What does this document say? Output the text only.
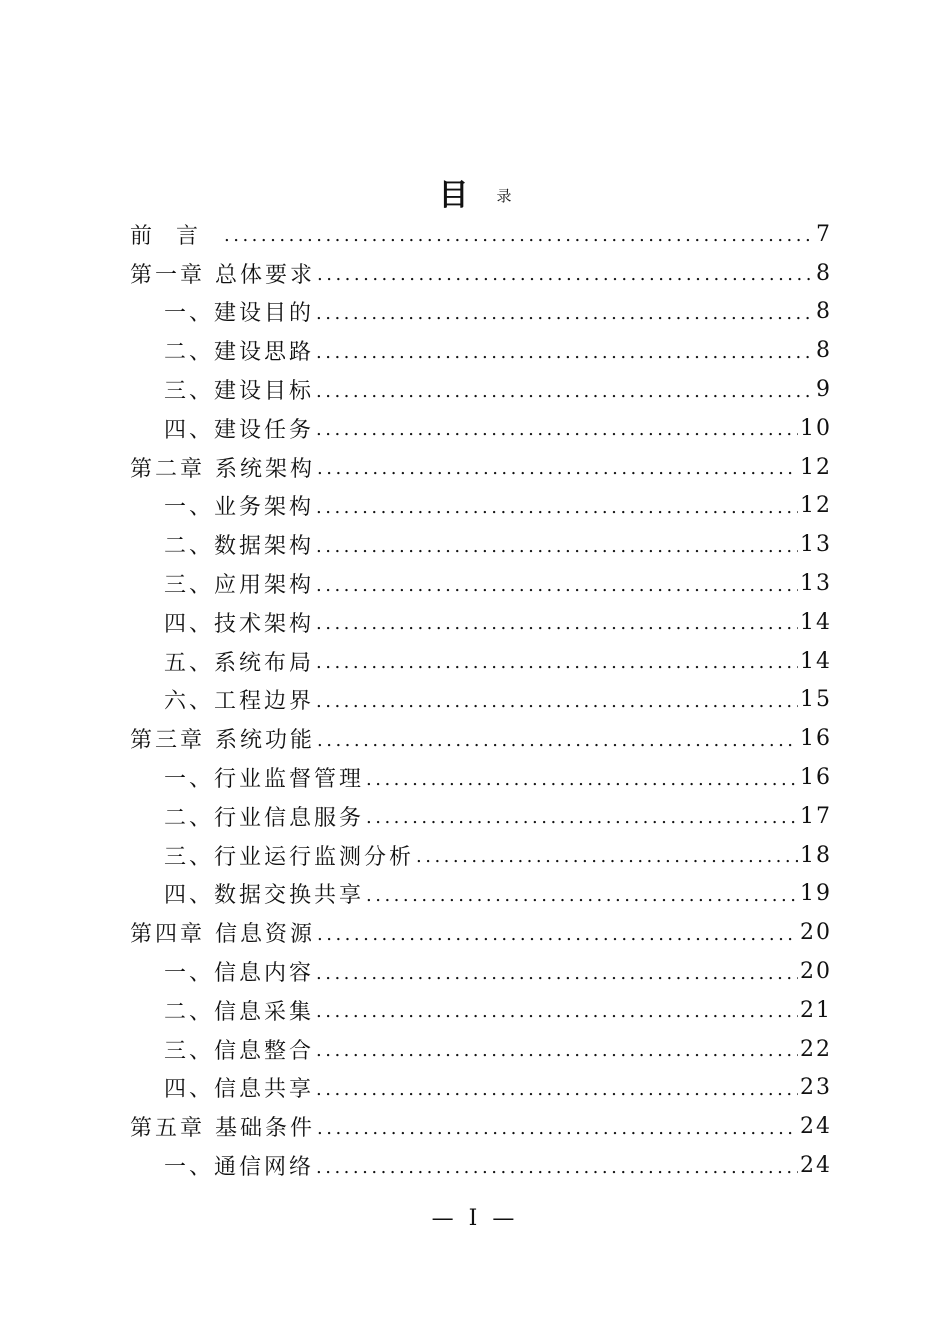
目 录
前言 .....	7
第一章 总体要求 .....	8
一、建设目的 .....	8
二、建设思路 .....	8
三、建设目标 .....	9
四、建设任务 .....	10
第二章 系统架构 .....	12
一、业务架构 .....	12
二、数据架构 .....	13
三、应用架构 .....	13
四、技术架构 .....	14
五、系统布局 .....	14
六、工程边界 .....	15
第三章 系统功能 .....	16
一、行业监督管理 .....	16
二、行业信息服务 .....	17
三、行业运行监测分析 .....	18
四、数据交换共享 .....	19
第四章 信息资源 .....	20
一、信息内容 .....	20
二、信息采集 .....	21
三、信息整合 .....	22
四、信息共享 .....	23
第五章 基础条件 .....	24
一、通信网络 .....	24
— I —
